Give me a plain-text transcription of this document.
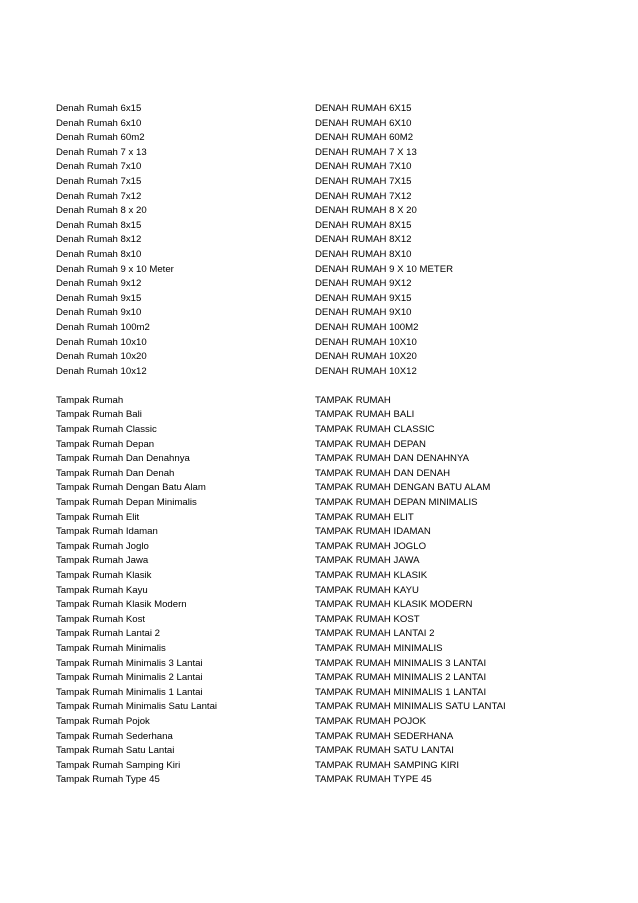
Denah Rumah 6x15
Denah Rumah 6x10
Denah Rumah 60m2
Denah Rumah 7 x 13
Denah Rumah 7x10
Denah Rumah 7x15
Denah Rumah 7x12
Denah Rumah 8 x 20
Denah Rumah 8x15
Denah Rumah 8x12
Denah Rumah 8x10
Denah Rumah 9 x 10 Meter
Denah Rumah 9x12
Denah Rumah 9x15
Denah Rumah 9x10
Denah Rumah 100m2
Denah Rumah 10x10
Denah Rumah 10x20
Denah Rumah 10x12
Tampak Rumah
Tampak Rumah Bali
Tampak Rumah Classic
Tampak Rumah Depan
Tampak Rumah Dan Denahnya
Tampak Rumah Dan Denah
Tampak Rumah Dengan Batu Alam
Tampak Rumah Depan Minimalis
Tampak Rumah Elit
Tampak Rumah Idaman
Tampak Rumah Joglo
Tampak Rumah Jawa
Tampak Rumah Klasik
Tampak Rumah Kayu
Tampak Rumah Klasik Modern
Tampak Rumah Kost
Tampak Rumah Lantai 2
Tampak Rumah Minimalis
Tampak Rumah Minimalis 3 Lantai
Tampak Rumah Minimalis 2 Lantai
Tampak Rumah Minimalis 1 Lantai
Tampak Rumah Minimalis Satu Lantai
Tampak Rumah Pojok
Tampak Rumah Sederhana
Tampak Rumah Satu Lantai
Tampak Rumah Samping Kiri
Tampak Rumah Type 45
DENAH RUMAH 6X15
DENAH RUMAH 6X10
DENAH RUMAH 60M2
DENAH RUMAH 7 X 13
DENAH RUMAH 7X10
DENAH RUMAH 7X15
DENAH RUMAH 7X12
DENAH RUMAH 8 X 20
DENAH RUMAH 8X15
DENAH RUMAH 8X12
DENAH RUMAH 8X10
DENAH RUMAH 9 X 10 METER
DENAH RUMAH 9X12
DENAH RUMAH 9X15
DENAH RUMAH 9X10
DENAH RUMAH 100M2
DENAH RUMAH 10X10
DENAH RUMAH 10X20
DENAH RUMAH 10X12
TAMPAK RUMAH
TAMPAK RUMAH BALI
TAMPAK RUMAH CLASSIC
TAMPAK RUMAH DEPAN
TAMPAK RUMAH DAN DENAHNYA
TAMPAK RUMAH DAN DENAH
TAMPAK RUMAH DENGAN BATU ALAM
TAMPAK RUMAH DEPAN MINIMALIS
TAMPAK RUMAH ELIT
TAMPAK RUMAH IDAMAN
TAMPAK RUMAH JOGLO
TAMPAK RUMAH JAWA
TAMPAK RUMAH KLASIK
TAMPAK RUMAH KAYU
TAMPAK RUMAH KLASIK MODERN
TAMPAK RUMAH KOST
TAMPAK RUMAH LANTAI 2
TAMPAK RUMAH MINIMALIS
TAMPAK RUMAH MINIMALIS 3 LANTAI
TAMPAK RUMAH MINIMALIS 2 LANTAI
TAMPAK RUMAH MINIMALIS 1 LANTAI
TAMPAK RUMAH MINIMALIS SATU LANTAI
TAMPAK RUMAH POJOK
TAMPAK RUMAH SEDERHANA
TAMPAK RUMAH SATU LANTAI
TAMPAK RUMAH SAMPING KIRI
TAMPAK RUMAH TYPE 45
